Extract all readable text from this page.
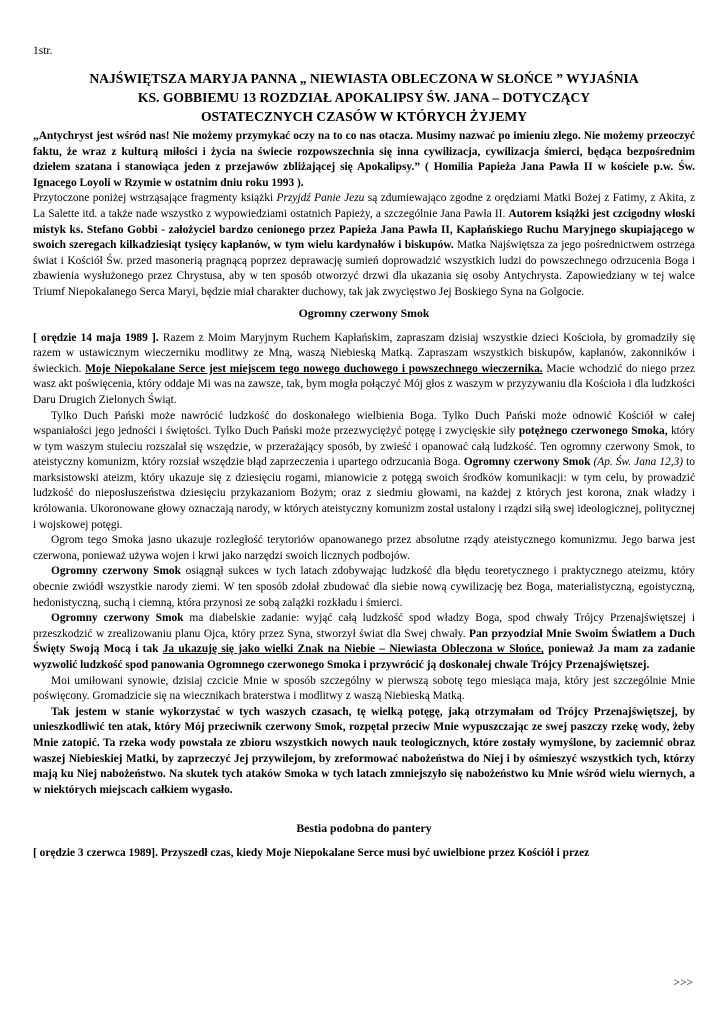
1str.
NAJŚWIĘTSZA MARYJA PANNA „ NIEWIASTA OBLECZONA W SŁOŃCE ” WYJAŚNIA
KS. GOBBIEMU 13 ROZDZIAŁ APOKALIPSY ŚW. JANA – DOTYCZĄCY
OSTATECZNYCH CZASÓW W KTÓRYCH ŻYJEMY

„Antychryst jest wśród nas! Nie możemy przymykać oczy na to co nas otacza. Musimy nazwać po imieniu złego. Nie możemy przeoczyć faktu, że wraz z kulturą miłości i życia na świecie rozpowszechnia się inna cywilizacja, cywilizacja śmierci, będąca bezpośrednim dziełem szatana i stanowiąca jeden z przejawów zbliżającej się Apokalipsy.” ( Homilia Papieża Jana Pawła II w kościele p.w. Św. Ignacego Loyoli w Rzymie w ostatnim dniu roku 1993 ).

Przytoczone poniżej wstrząsające fragmenty książki Przyjdź Panie Jezu są zdumiewająco zgodne z orędziami Matki Bożej z Fatimy, z Akita, z La Salette itd. a także nade wszystko z wypowiedziami ostatnich Papieży, a szczególnie Jana Pawła II. Autorem książki jest czcigodny włoski mistyk ks. Stefano Gobbi - założyciel bardzo cenionego przez Papieża Jana Pawła II, Kapłańskiego Ruchu Maryjnego skupiającego w swoich szeregach kilkadziesiąt tysięcy kapłanów, w tym wielu kardynałów i biskupów. Matka Najświętsza za jego pośrednictwem ostrzega świat i Kościół Św. przed masonerią pragnącą poprzez deprawację sumień doprowadzić wszystkich ludzi do powszechnego odrzucenia Boga i zbawienia wysłużonego przez Chrystusa, aby w ten sposób otworzyć drzwi dla ukazania się osoby Antychrysta. Zapowiedziany w tej walce Triumf Niepokalanego Serca Maryi, będzie miał charakter duchowy, tak jak zwycięstwo Jej Boskiego Syna na Golgocie.

Ogromny czerwony Smok

[ orędzie 14 maja 1989 ]. Razem z Moim Maryjnym Ruchem Kapłańskim, zapraszam dzisiaj wszystkie dzieci Kościoła, by gromadziły się razem w ustawicznym wieczerniku modlitwy ze Mną, waszą Niebieską Matką. Zapraszam wszystkich biskupów, kapłanów, zakonników i świeckich. Moje Niepokalane Serce jest miejscem tego nowego duchowego i powszechnego wieczernika. Macie wchodzić do niego przez wasz akt poświęcenia, który oddaje Mi was na zawsze, tak, bym mogła połączyć Mój głos z waszym w przyzywaniu dla Kościoła i dla ludzkości Daru Drugich Zielonych Świąt.

Tylko Duch Pański może nawrócić ludzkość do doskonałego wielbienia Boga. Tylko Duch Pański może odnowić Kościół w całej wspaniałości jego jedności i świętości. Tylko Duch Pański może przezwyciężyć potęgę i zwycięskie siły potężnego czerwonego Smoka, który w tym waszym stuleciu rozszalał się wszędzie, w przerażający sposób, by zwieść i opanować całą ludzkość. Ten ogromny czerwony Smok, to ateistyczny komunizm, który rozsiał wszędzie błąd zaprzeczenia i upartego odrzucania Boga. Ogromny czerwony Smok (Ap. Św. Jana 12,3) to marksistowski ateizm, który ukazuje się z dziesięciu rogami, mianowicie z potęgą swoich środków komunikacji: w tym celu, by prowadzić ludzkość do nieposłuszeństwa dziesięciu przykazaniom Bożym; oraz z siedmiu głowami, na każdej z których jest korona, znak władzy i królowania. Ukoronowane głowy oznaczają narody, w których ateistyczny komunizm został ustalony i rządzi siłą swej ideologicznej, politycznej i wojskowej potęgi.

Ogrom tego Smoka jasno ukazuje rozległość terytoriów opanowanego przez absolutne rządy ateistycznego komunizmu. Jego barwa jest czerwona, ponieważ używa wojen i krwi jako narzędzi swoich licznych podbojów.

Ogromny czerwony Smok osiągnął sukces w tych latach zdobywając ludzkość dla błędu teoretycznego i praktycznego ateizmu, który obecnie zwiódł wszystkie narody ziemi. W ten sposób zdołał zbudować dla siebie nową cywilizację bez Boga, materialistyczną, egoistyczną, hedonistyczną, suchą i ciemną, która przynosi ze sobą zalążki rozkładu i śmierci.

Ogromny czerwony Smok ma diabelskie zadanie: wyjąć całą ludzkość spod władzy Boga, spod chwały Trójcy Przenajświętszej i przeszkodzić w zrealizowaniu planu Ojca, który przez Syna, stworzył świat dla Swej chwały. Pan przyodział Mnie Swoim Światłem a Duch Święty Swoją Mocą i tak Ja ukazuję się jako wielki Znak na Niebie – Niewiasta Obleczona w Słońce, ponieważ Ja mam za zadanie wyzwolić ludzkość spod panowania Ogromnego czerwonego Smoka i przywrócić ją doskonałej chwale Trójcy Przenajświętszej.

Moi umiłowani synowie, dzisiaj czcicie Mnie w sposób szczególny w pierwszą sobotę tego miesiąca maja, który jest szczególnie Mnie poświęcony. Gromadzicie się na wiecznikach braterstwa i modlitwy z waszą Niebieską Matką.

Tak jestem w stanie wykorzystać w tych waszych czasach, tę wielką potęgę, jaką otrzymałam od Trójcy Przenajświętszej, by unieszkodliwić ten atak, który Mój przeciwnik czerwony Smok, rozpętał przeciw Mnie wypuszczając ze swej paszczy rzekę wody, żeby Mnie zatopić. Ta rzeka wody powstała ze zbioru wszystkich nowych nauk teologicznych, które zostały wymyślone, by zaciemnić obraz waszej Niebieskiej Matki, by zaprzeczyć Jej przywilejom, by zreformować nabożeństwa do Niej i by ośmieszyć wszystkich tych, którzy mają ku Niej nabożeństwo. Na skutek tych ataków Smoka w tych latach zmniejszyło się nabożeństwo ku Mnie wśród wielu wiernych, a w niektórych miejscach całkiem wygasło.

Bestia podobna do pantery

[ orędzie 3 czerwca 1989]. Przyszedł czas, kiedy Moje Niepokalane Serce musi być uwielbione przez Kościół i przez

>>>
